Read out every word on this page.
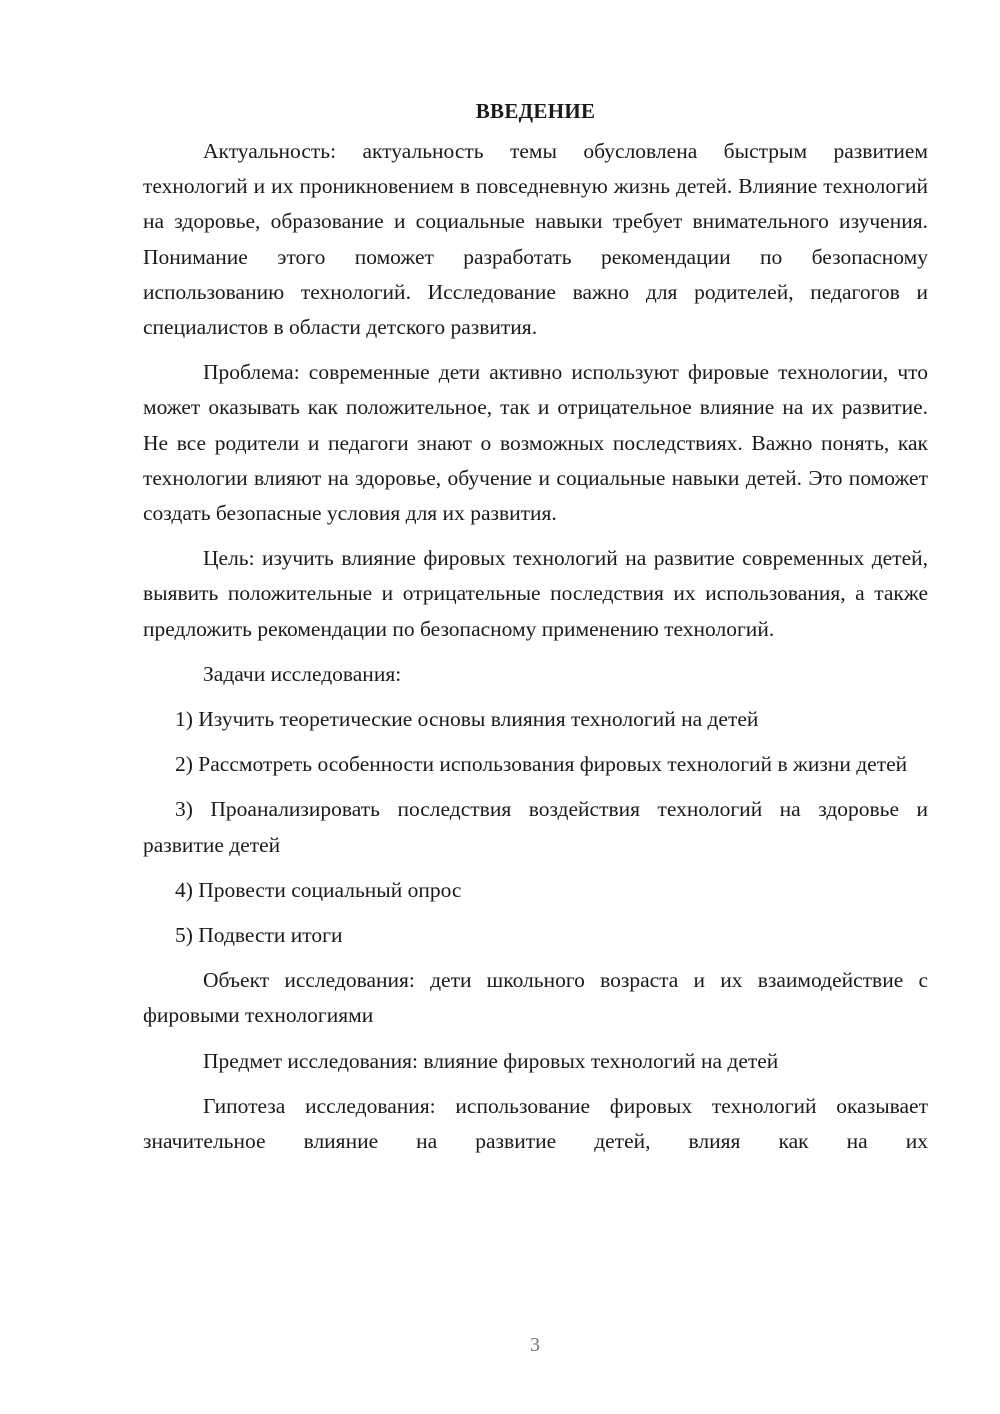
ВВЕДЕНИЕ

Актуальность: актуальность темы обусловлена быстрым развитием технологий и их проникновением в повседневную жизнь детей. Влияние технологий на здоровье, образование и социальные навыки требует внимательного изучения. Понимание этого поможет разработать рекомендации по безопасному использованию технологий. Исследование важно для родителей, педагогов и специалистов в области детского развития.

Проблема: современные дети активно используют фировые технологии, что может оказывать как положительное, так и отрицательное влияние на их развитие. Не все родители и педагоги знают о возможных последствиях. Важно понять, как технологии влияют на здоровье, обучение и социальные навыки детей. Это поможет создать безопасные условия для их развития.

Цель: изучить влияние фировых технологий на развитие современных детей, выявить положительные и отрицательные последствия их использования, а также предложить рекомендации по безопасному применению технологий.

Задачи исследования:

1) Изучить теоретические основы влияния технологий на детей

2) Рассмотреть особенности использования фировых технологий в жизни детей

3) Проанализировать последствия воздействия технологий на здоровье и развитие детей

4) Провести социальный опрос

5) Подвести итоги

Объект исследования: дети школьного возраста и их взаимодействие с фировыми технологиями

Предмет исследования: влияние фировых технологий на детей

Гипотеза исследования: использование фировых технологий оказывает значительное влияние на развитие детей, влияя как на их

3
